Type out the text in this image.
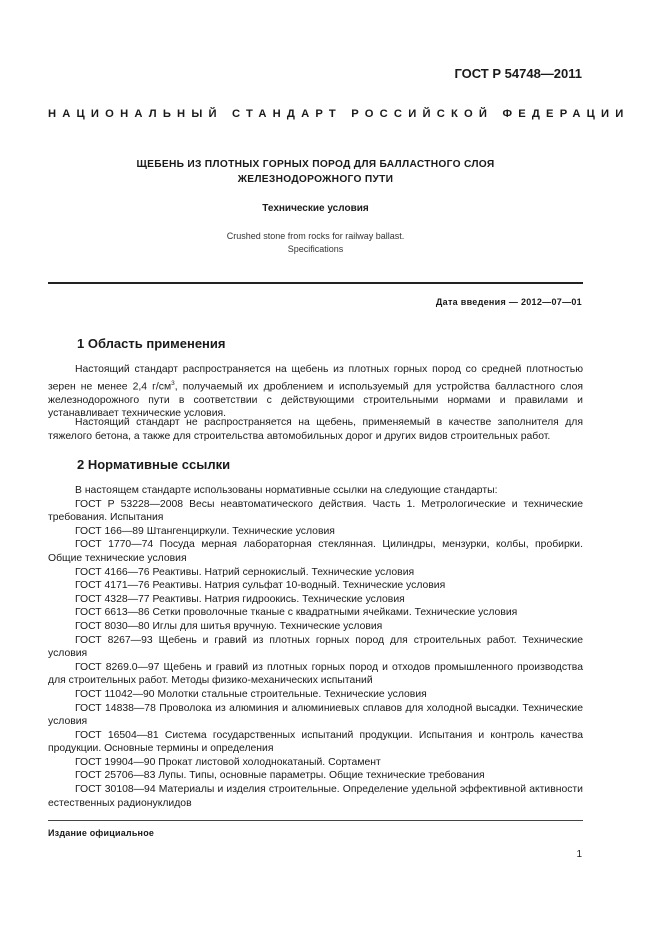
ГОСТ Р 54748—2011
НАЦИОНАЛЬНЫЙ СТАНДАРТ РОССИЙСКОЙ ФЕДЕРАЦИИ
ЩЕБЕНЬ ИЗ ПЛОТНЫХ ГОРНЫХ ПОРОД ДЛЯ БАЛЛАСТНОГО СЛОЯ
ЖЕЛЕЗНОДОРОЖНОГО ПУТИ
Технические условия
Crushed stone from rocks for railway ballast.
Specifications
Дата введения — 2012—07—01
1 Область применения

Настоящий стандарт распространяется на щебень из плотных горных пород со средней плотностью зерен не менее 2,4 $г/см^3$, получаемый их дроблением и используемый для устройства балластного слоя железнодорожного пути в соответствии с действующими строительными нормами и правилами и устанавливает технические условия.

Настоящий стандарт не распространяется на щебень, применяемый в качестве заполнителя для тяжелого бетона, а также для строительства автомобильных дорог и других видов строительных работ.

2 Нормативные ссылки
В настоящем стандарте использованы нормативные ссылки на следующие стандарты:
ГОСТ Р 53228—2008 Весы неавтоматического действия. Часть 1. Метрологические и технические требования. Испытания
ГОСТ 166—89 Штангенциркули. Технические условия
ГОСТ 1770—74 Посуда мерная лабораторная стеклянная. Цилиндры, мензурки, колбы, пробирки. Общие технические условия
ГОСТ 4166—76 Реактивы. Натрий сернокислый. Технические условия
ГОСТ 4171—76 Реактивы. Натрия сульфат 10-водный. Технические условия
ГОСТ 4328—77 Реактивы. Натрия гидроокись. Технические условия
ГОСТ 6613—86 Сетки проволочные тканые с квадратными ячейками. Технические условия
ГОСТ 8030—80 Иглы для шитья вручную. Технические условия
ГОСТ 8267—93 Щебень и гравий из плотных горных пород для строительных работ. Технические условия
ГОСТ 8269.0—97 Щебень и гравий из плотных горных пород и отходов промышленного производства для строительных работ. Методы физико-механических испытаний
ГОСТ 11042—90 Молотки стальные строительные. Технические условия
ГОСТ 14838—78 Проволока из алюминия и алюминиевых сплавов для холодной высадки. Технические условия
ГОСТ 16504—81 Система государственных испытаний продукции. Испытания и контроль качества продукции. Основные термины и определения
ГОСТ 19904—90 Прокат листовой холоднокатаный. Сортамент
ГОСТ 25706—83 Лупы. Типы, основные параметры. Общие технические требования
ГОСТ 30108—94 Материалы и изделия строительные. Определение удельной эффективной активности естественных радионуклидов
Издание официальное
1
